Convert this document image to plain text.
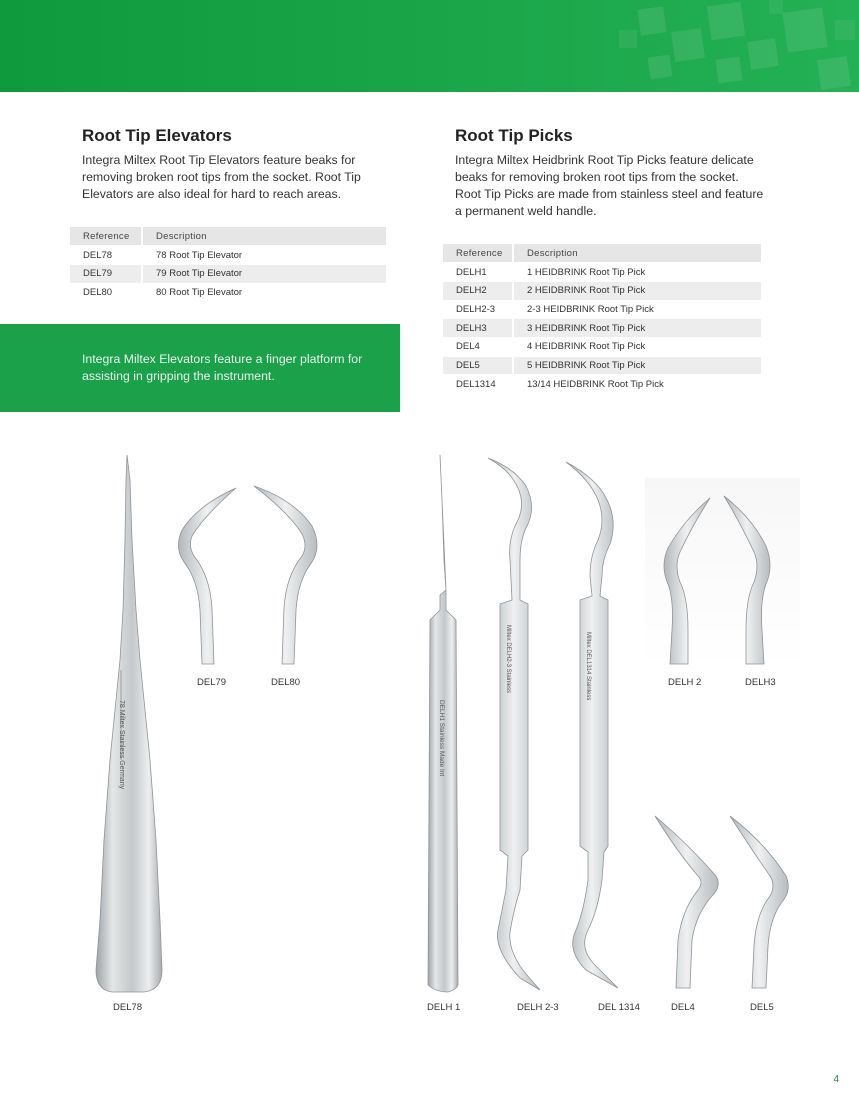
Root Tip Elevators

Integra Miltex Root Tip Elevators feature beaks for removing broken root tips from the socket. Root Tip Elevators are also ideal for hard to reach areas.

Reference	Description
DEL78	78 Root Tip Elevator
DEL79	79 Root Tip Elevator
DEL80	80 Root Tip Elevator

Integra Miltex Elevators feature a finger platform for assisting in gripping the instrument.

Root Tip Picks

Integra Miltex Heidbrink Root Tip Picks feature delicate beaks for removing broken root tips from the socket. Root Tip Picks are made from stainless steel and feature a permanent weld handle.

Reference	Description
DELH1	1 HEIDBRINK Root Tip Pick
DELH2	2 HEIDBRINK Root Tip Pick
DELH2-3	2-3 HEIDBRINK Root Tip Pick
DELH3	3 HEIDBRINK Root Tip Pick
DEL4	4 HEIDBRINK Root Tip Pick
DEL5	5 HEIDBRINK Root Tip Pick
DEL1314	13/14 HEIDBRINK Root Tip Pick
78 Miltex Stainless Germany	DELH1 Stainless Made Int
Miltex DELH2-3 Stainless	Miltex DEL1314 Stainless
DEL79	DEL80	DELH 2	DELH3
DEL78	DELH 1	DELH 2-3	DEL 1314	DEL4	DEL5
4
